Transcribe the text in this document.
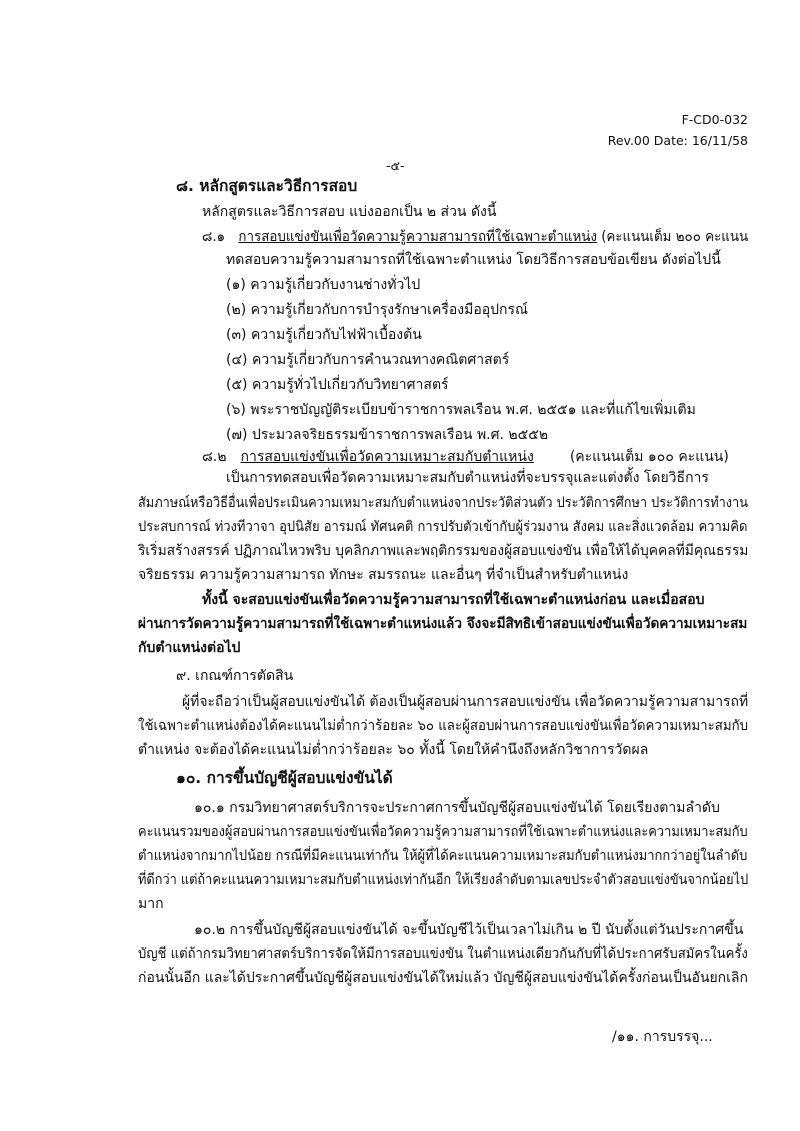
F-CD0-032
Rev.00 Date: 16/11/58
-๕-
๘. หลักสูตรและวิธีการสอบ
หลักสูตรและวิธีการสอบ แบ่งออกเป็น ๒ ส่วน ดังนี้
๘.๑ การสอบแข่งขันเพื่อวัดความรู้ความสามารถที่ใช้เฉพาะตำแหน่ง (คะแนนเต็ม ๒๐๐ คะแนน
ทดสอบความรู้ความสามารถที่ใช้เฉพาะตำแหน่ง โดยวิธีการสอบข้อเขียน ดังต่อไปนี้
(๑) ความรู้เกี่ยวกับงานช่างทั่วไป
(๒) ความรู้เกี่ยวกับการบำรุงรักษาเครื่องมืออุปกรณ์
(๓) ความรู้เกี่ยวกับไฟฟ้าเบื้องต้น
(๔) ความรู้เกี่ยวกับการคำนวณทางคณิตศาสตร์
(๕) ความรู้ทั่วไปเกี่ยวกับวิทยาศาสตร์
(๖) พระราชบัญญัติระเบียบข้าราชการพลเรือน พ.ศ. ๒๕๕๑ และที่แก้ไขเพิ่มเติม
(๗) ประมวลจริยธรรมข้าราชการพลเรือน พ.ศ. ๒๕๕๒
๘.๒ การสอบแข่งขันเพื่อวัดความเหมาะสมกับตำแหน่ง	(คะแนนเต็ม ๑๐๐ คะแนน)
เป็นการทดสอบเพื่อวัดความเหมาะสมกับตำแหน่งที่จะบรรจุและแต่งตั้ง โดยวิธีการ
สัมภาษณ์หรือวิธีอื่นเพื่อประเมินความเหมาะสมกับตำแหน่งจากประวัติส่วนตัว ประวัติการศึกษา ประวัติการทำงาน
ประสบการณ์ ท่วงทีวาจา อุปนิสัย อารมณ์ ทัศนคติ การปรับตัวเข้ากับผู้ร่วมงาน สังคม และสิ่งแวดล้อม ความคิด
ริเริ่มสร้างสรรค์ ปฏิภาณไหวพริบ บุคลิกภาพและพฤติกรรมของผู้สอบแข่งขัน เพื่อให้ได้บุคคลที่มีคุณธรรม
จริยธรรม ความรู้ความสามารถ ทักษะ สมรรถนะ และอื่นๆ ที่จำเป็นสำหรับตำแหน่ง
ทั้งนี้ จะสอบแข่งขันเพื่อวัดความรู้ความสามารถที่ใช้เฉพาะตำแหน่งก่อน และเมื่อสอบ
ผ่านการวัดความรู้ความสามารถที่ใช้เฉพาะตำแหน่งแล้ว จึงจะมีสิทธิเข้าสอบแข่งขันเพื่อวัดความเหมาะสม
กับตำแหน่งต่อไป
๙. เกณฑ์การตัดสิน
ผู้ที่จะถือว่าเป็นผู้สอบแข่งขันได้ ต้องเป็นผู้สอบผ่านการสอบแข่งขัน เพื่อวัดความรู้ความสามารถที่
ใช้เฉพาะตำแหน่งต้องได้คะแนนไม่ต่ำกว่าร้อยละ ๖๐ และผู้สอบผ่านการสอบแข่งขันเพื่อวัดความเหมาะสมกับ
ตำแหน่ง จะต้องได้คะแนนไม่ต่ำกว่าร้อยละ ๖๐ ทั้งนี้ โดยให้คำนึงถึงหลักวิชาการวัดผล
๑๐. การขึ้นบัญชีผู้สอบแข่งขันได้
๑๐.๑ กรมวิทยาศาสตร์บริการจะประกาศการขึ้นบัญชีผู้สอบแข่งขันได้ โดยเรียงตามลำดับ
คะแนนรวมของผู้สอบผ่านการสอบแข่งขันเพื่อวัดความรู้ความสามารถที่ใช้เฉพาะตำแหน่งและความเหมาะสมกับ
ตำแหน่งจากมากไปน้อย กรณีที่มีคะแนนเท่ากัน ให้ผู้ที่ได้คะแนนความเหมาะสมกับตำแหน่งมากกว่าอยู่ในลำดับ
ที่ดีกว่า แต่ถ้าคะแนนความเหมาะสมกับตำแหน่งเท่ากันอีก ให้เรียงลำดับตามเลขประจำตัวสอบแข่งขันจากน้อยไป
มาก
๑๐.๒ การขึ้นบัญชีผู้สอบแข่งขันได้ จะขึ้นบัญชีไว้เป็นเวลาไม่เกิน ๒ ปี นับตั้งแต่วันประกาศขึ้น
บัญชี แต่ถ้ากรมวิทยาศาสตร์บริการจัดให้มีการสอบแข่งขัน ในตำแหน่งเดียวกันกับที่ได้ประกาศรับสมัครในครั้ง
ก่อนนั้นอีก และได้ประกาศขึ้นบัญชีผู้สอบแข่งขันได้ใหม่แล้ว บัญชีผู้สอบแข่งขันได้ครั้งก่อนเป็นอันยกเลิก
/๑๑. การบรรจุ...
